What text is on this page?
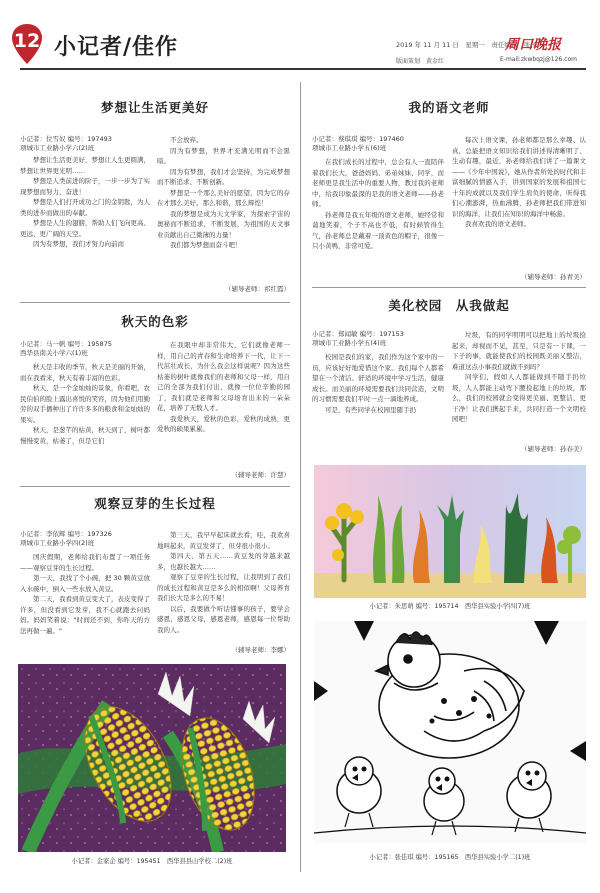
12 小记者/佳作	2019 年 11 月 11 日　星期一　责任编辑　张扬
周口晚报
版面策划　黄金红	E-mail:zkwbqzj@126.com
梦想让生活更美好
小记者：位雪奴 编号：197493
项城市工业路小学六(2)班

梦想让生活更美好，梦想让人生更圆满，梦想让世界更光明……

梦想是人类前进的阶子，一步一步为了实现梦想而努力、奋进！

梦想是人们打开成功之门的金钥匙，为人类的进步而做出的奉献。

梦想是人生的翅膀，帮助人们飞向更高、更远、更广阔的天空。

因为有梦想，我们才努力向前而

不会放弃。

因为有梦想，世界才充满光明而不会黑暗。

因为有梦想，我们才会坚持，为完成梦想而不断追求、不断创新。

梦想是一个那么美好的愿望，因为它的存在才那么美好。那么和谐，那么辉煌！

我的梦想是成为天文学家，为探索宇宙的奥秘而不断追求，不断发展，为祖国的天文事业贡献出自己微薄的力量！

我们都为梦想而奋斗吧！

（辅导老师：祁红霞）
秋天的色彩
小记者：马一帆 编号：195875
西华县南关小学六(1)班

秋天是丰收的季节，秋天是美丽的开始，而在我看来，秋天有着丰富的色彩。

秋天，是一个金灿灿的景象，你看吧，农民伯伯的脸上露出喜悦的笑容，因为他们用勤劳的双手播种出了许许多多的粮食和金灿灿的果实。

秋天，是葱芊的枯黄，秋天到了，树叶都慢慢变黄，枯萎了，但是它们

在我眼中却非常伟大，它们就像老师一样，用自己的青春和生命培养下一代，让下一代茁壮成长，为什么我会这样说呢？因为这些枯萎的树叶就像我们的老师和父母一样，用自己的全部为我们付出，就像一位位辛勤的园丁，我们就是老师和父母培育出来的一朵朵花，培养了无数人才。

我爱秋天，爱秋的色彩，爱秋的成熟，更爱秋的硕果累累。

（辅导老师：许慧）
观察豆芽的生长过程
小记者：李依辉 编号：197326
项城市工业路小学四(2)班

国庆假期，老师给我们布置了一项任务——观察豆芽的生长过程。

第一天，我找了个小碗，把 30 颗黄豆放入水碗中，倒入一些水放入黄豆。

第二天，我看到黄豆变大了，表皮变得了许多，但没看到它发芽，我不心就跑去问妈妈。妈妈笑着说："时间还不到，你昨天的方法再做一遍。"

第三天，我早早起床就去看，哇，我欢喜地叫起来，黄豆发芽了，但芽很小很小。

第四天、第五天……黄豆发的芽越来越多，也越长越大……

观察了豆芽的生长过程，让我明到了我们的成长过程和黄豆是多么的相似啊！父母养育我们长大是多么的不易！

以后，我要做个听话懂事的孩子，要学会感恩，感恩父母，感恩老师，感恩每一位帮助我的人。

（辅导老师：李娜）
小记者：金家企 编号：195451　西华县县山学校二(2)班
我的语文老师
小记者：蔡琪琪 编号：197460
项城市工业路小学五(6)班

在我们成长的过程中，总会有人一直陪伴着我们长大，爸爸妈妈、弟弟妹妹、同学，而老师更是我生活中的重要人物，教过我的老师中，给我印象最深的是我的语文老师——孙老师。

孙老师是我五年级的语文老师，她经常和蔼地笑着，个子不高也不低，有时候管得生气，孙老师总是戴着一顶黄色的帽子，很像一只小黄鸭，非常可爱。

每次上语文课，孙老师都是那么幸趣、认真，总能把语文知识给我们讲述得清晰明了、生动有趣，最近，孙老师给我们讲了一篇课文——《少年中国说》，她从作者所处的时代和丰富细腻的情感入手，讲到国家的发展和祖国七十年的成就以及我们学生肩负的使命，听得我们心潮澎湃，热血沸腾，孙老师把我们带进知识的海洋，让我们在知识的海洋中畅游。

我喜欢我的语文老师。

（辅导老师：孙青美）
美化校园　从我做起
小记者：郑闻敏 编号：197153
项城市工业路小学五(4)班

校园是我们的家，我们作为这个家中的一员，应该好好地爱惜这个家。我们每个人都希望在一个清洁、舒适的环境中学习生活，健康成长。而美丽的环境需要我们共同营造，文明的习惯需要我们平时一点一滴地养成。

可是，有些同学在校园里随手扔

垃圾，有的同学明明可以把地上的垃圾捡起来，却视而不见，甚至，只是有一下课，一下子的事，就能使我们的校园既美丽又整洁，难道这点小事我们就做不到吗？

同学们，假如人人都能做到不随手扔垃圾，人人都能主动弯下腰捡起地上的垃圾，那么，我们的校园就会变得更美丽、更整洁、更干净！让我们携起手来，共同打造一个文明校园吧！

（辅导老师：孙春美）
小记者：朱思萌 编号：195714　西华县实验小学四(7)班
小记者：张佳琪 编号：195165　西华县实验小学二(1)班
